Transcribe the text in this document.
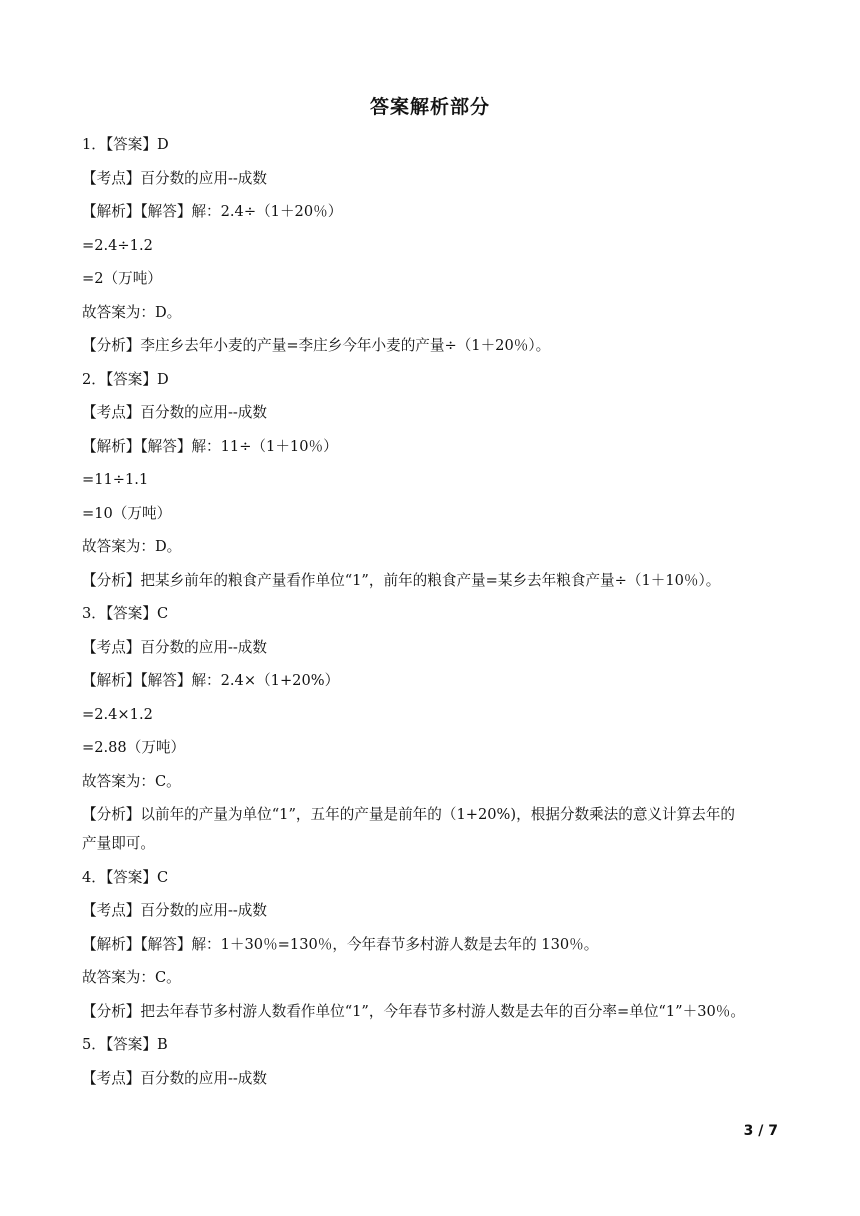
答案解析部分
1．【答案】D
【考点】百分数的应用--成数
【解析】【解答】解：2.4÷（1＋20％）
=2.4÷1.2
=2（万吨）
故答案为：D。
【分析】李庄乡去年小麦的产量=李庄乡今年小麦的产量÷（1＋20％）。
2．【答案】D
【考点】百分数的应用--成数
【解析】【解答】解：11÷（1＋10％）
=11÷1.1
=10（万吨）
故答案为：D。
【分析】把某乡前年的粮食产量看作单位“1”，前年的粮食产量=某乡去年粮食产量÷（1＋10％）。
3．【答案】C
【考点】百分数的应用--成数
【解析】【解答】解：2.4×（1+20%）
=2.4×1.2
=2.88（万吨）
故答案为：C。
【分析】以前年的产量为单位“1”，五年的产量是前年的（1+20%)，根据分数乘法的意义计算去年的
产量即可。
4．【答案】C
【考点】百分数的应用--成数
【解析】【解答】解：1＋30％=130％，今年春节多村游人数是去年的 130％。
故答案为：C。
【分析】把去年春节多村游人数看作单位“1”，今年春节多村游人数是去年的百分率=单位“1”＋30％。
5．【答案】B
【考点】百分数的应用--成数
3 / 7
